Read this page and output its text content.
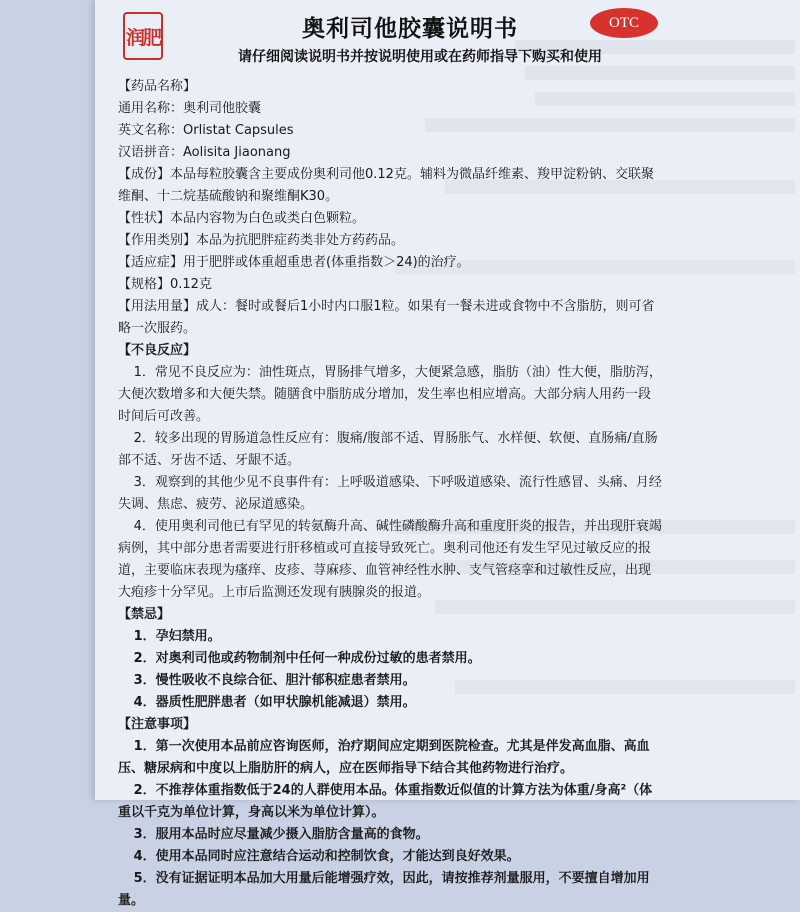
润肥	奥利司他胶囊说明书	OTC
请仔细阅读说明书并按说明使用或在药师指导下购买和使用
【药品名称】
通用名称：奥利司他胶囊
英文名称：Orlistat Capsules
汉语拼音：Aolisita Jiaonang
【成份】本品每粒胶囊含主要成份奥利司他0.12克。辅料为微晶纤维素、羧甲淀粉钠、交联聚维酮、十二烷基硫酸钠和聚维酮K30。
【性状】本品内容物为白色或类白色颗粒。
【作用类别】本品为抗肥胖症药类非处方药药品。
【适应症】用于肥胖或体重超重患者(体重指数＞24)的治疗。
【规格】0.12克
【用法用量】成人：餐时或餐后1小时内口服1粒。如果有一餐未进或食物中不含脂肪，则可省略一次服药。
【不良反应】
1．常见不良反应为：油性斑点，胃肠排气增多，大便紧急感，脂肪（油）性大便，脂肪泻，大便次数增多和大便失禁。随膳食中脂肪成分增加，发生率也相应增高。大部分病人用药一段时间后可改善。
2．较多出现的胃肠道急性反应有：腹痛/腹部不适、胃肠胀气、水样便、软便、直肠痛/直肠部不适、牙齿不适、牙龈不适。
3．观察到的其他少见不良事件有：上呼吸道感染、下呼吸道感染、流行性感冒、头痛、月经失调、焦虑、疲劳、泌尿道感染。
4．使用奥利司他已有罕见的转氨酶升高、碱性磷酸酶升高和重度肝炎的报告，并出现肝衰竭病例，其中部分患者需要进行肝移植或可直接导致死亡。奥利司他还有发生罕见过敏反应的报道，主要临床表现为瘙痒、皮疹、荨麻疹、血管神经性水肿、支气管痉挛和过敏性反应，出现大疱疹十分罕见。上市后监测还发现有胰腺炎的报道。
【禁忌】
1．孕妇禁用。
2．对奥利司他或药物制剂中任何一种成份过敏的患者禁用。
3．慢性吸收不良综合征、胆汁郁积症患者禁用。
4．器质性肥胖患者（如甲状腺机能减退）禁用。
【注意事项】
1．第一次使用本品前应咨询医师，治疗期间应定期到医院检查。尤其是伴发高血脂、高血压、糖尿病和中度以上脂肪肝的病人，应在医师指导下结合其他药物进行治疗。
2．不推荐体重指数低于24的人群使用本品。体重指数近似值的计算方法为体重/身高²（体重以千克为单位计算，身高以米为单位计算）。
3．服用本品时应尽量减少摄入脂肪含量高的食物。
4．使用本品同时应注意结合运动和控制饮食，才能达到良好效果。
5．没有证据证明本品加大用量后能增强疗效，因此，请按推荐剂量服用，不要擅自增加用量。
